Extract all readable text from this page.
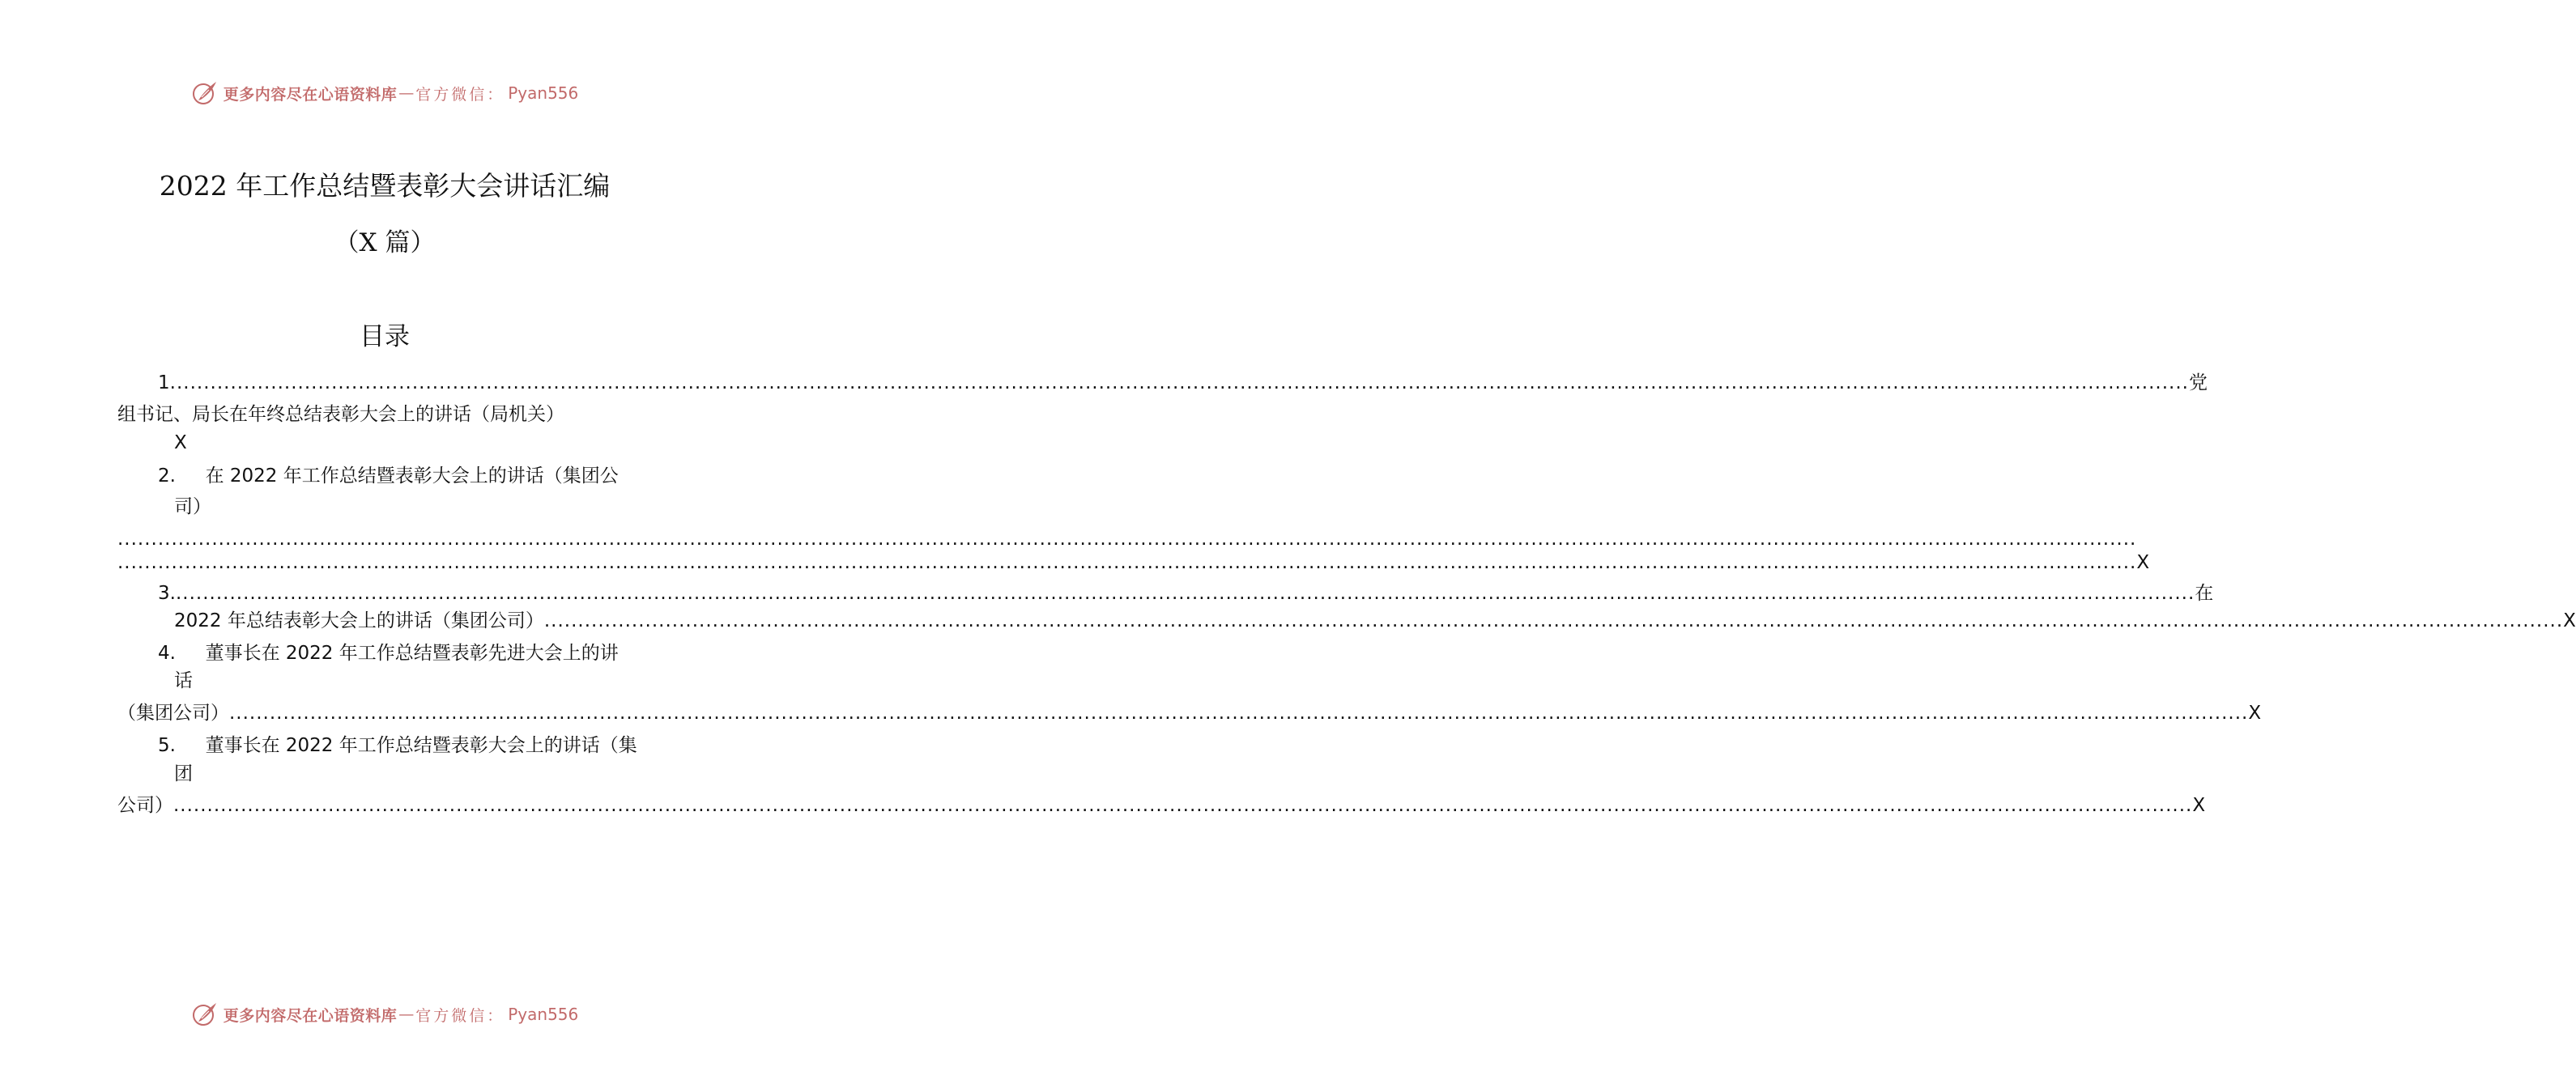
更多内容尽在心语资料库 — 官方微信： Pyan556
2022 年工作总结暨表彰大会讲话汇编
（X 篇）
目录
1 ............................................................................................................................................................................................................................................................................................................ 党
组书记、局长在年终总结表彰大会上的讲话（局机关）
X
2. 在 2022 年工作总结暨表彰大会上的讲话（集团公
司）
............................................................................................................................................................................................................................................................................................................
............................................................................................................................................................................................................................................................................................................ X
3. ............................................................................................................................................................................................................................................................................................................ 在
2022 年总结表彰大会上的讲话（集团公司） ............................................................................................................................................................................................................................................................................................................ X
4. 董事长在 2022 年工作总结暨表彰先进大会上的讲
话
（集团公司） ............................................................................................................................................................................................................................................................................................................ X
5. 董事长在 2022 年工作总结暨表彰大会上的讲话（集
团
公司） ............................................................................................................................................................................................................................................................................................................ X
更多内容尽在心语资料库 — 官方微信： Pyan556
